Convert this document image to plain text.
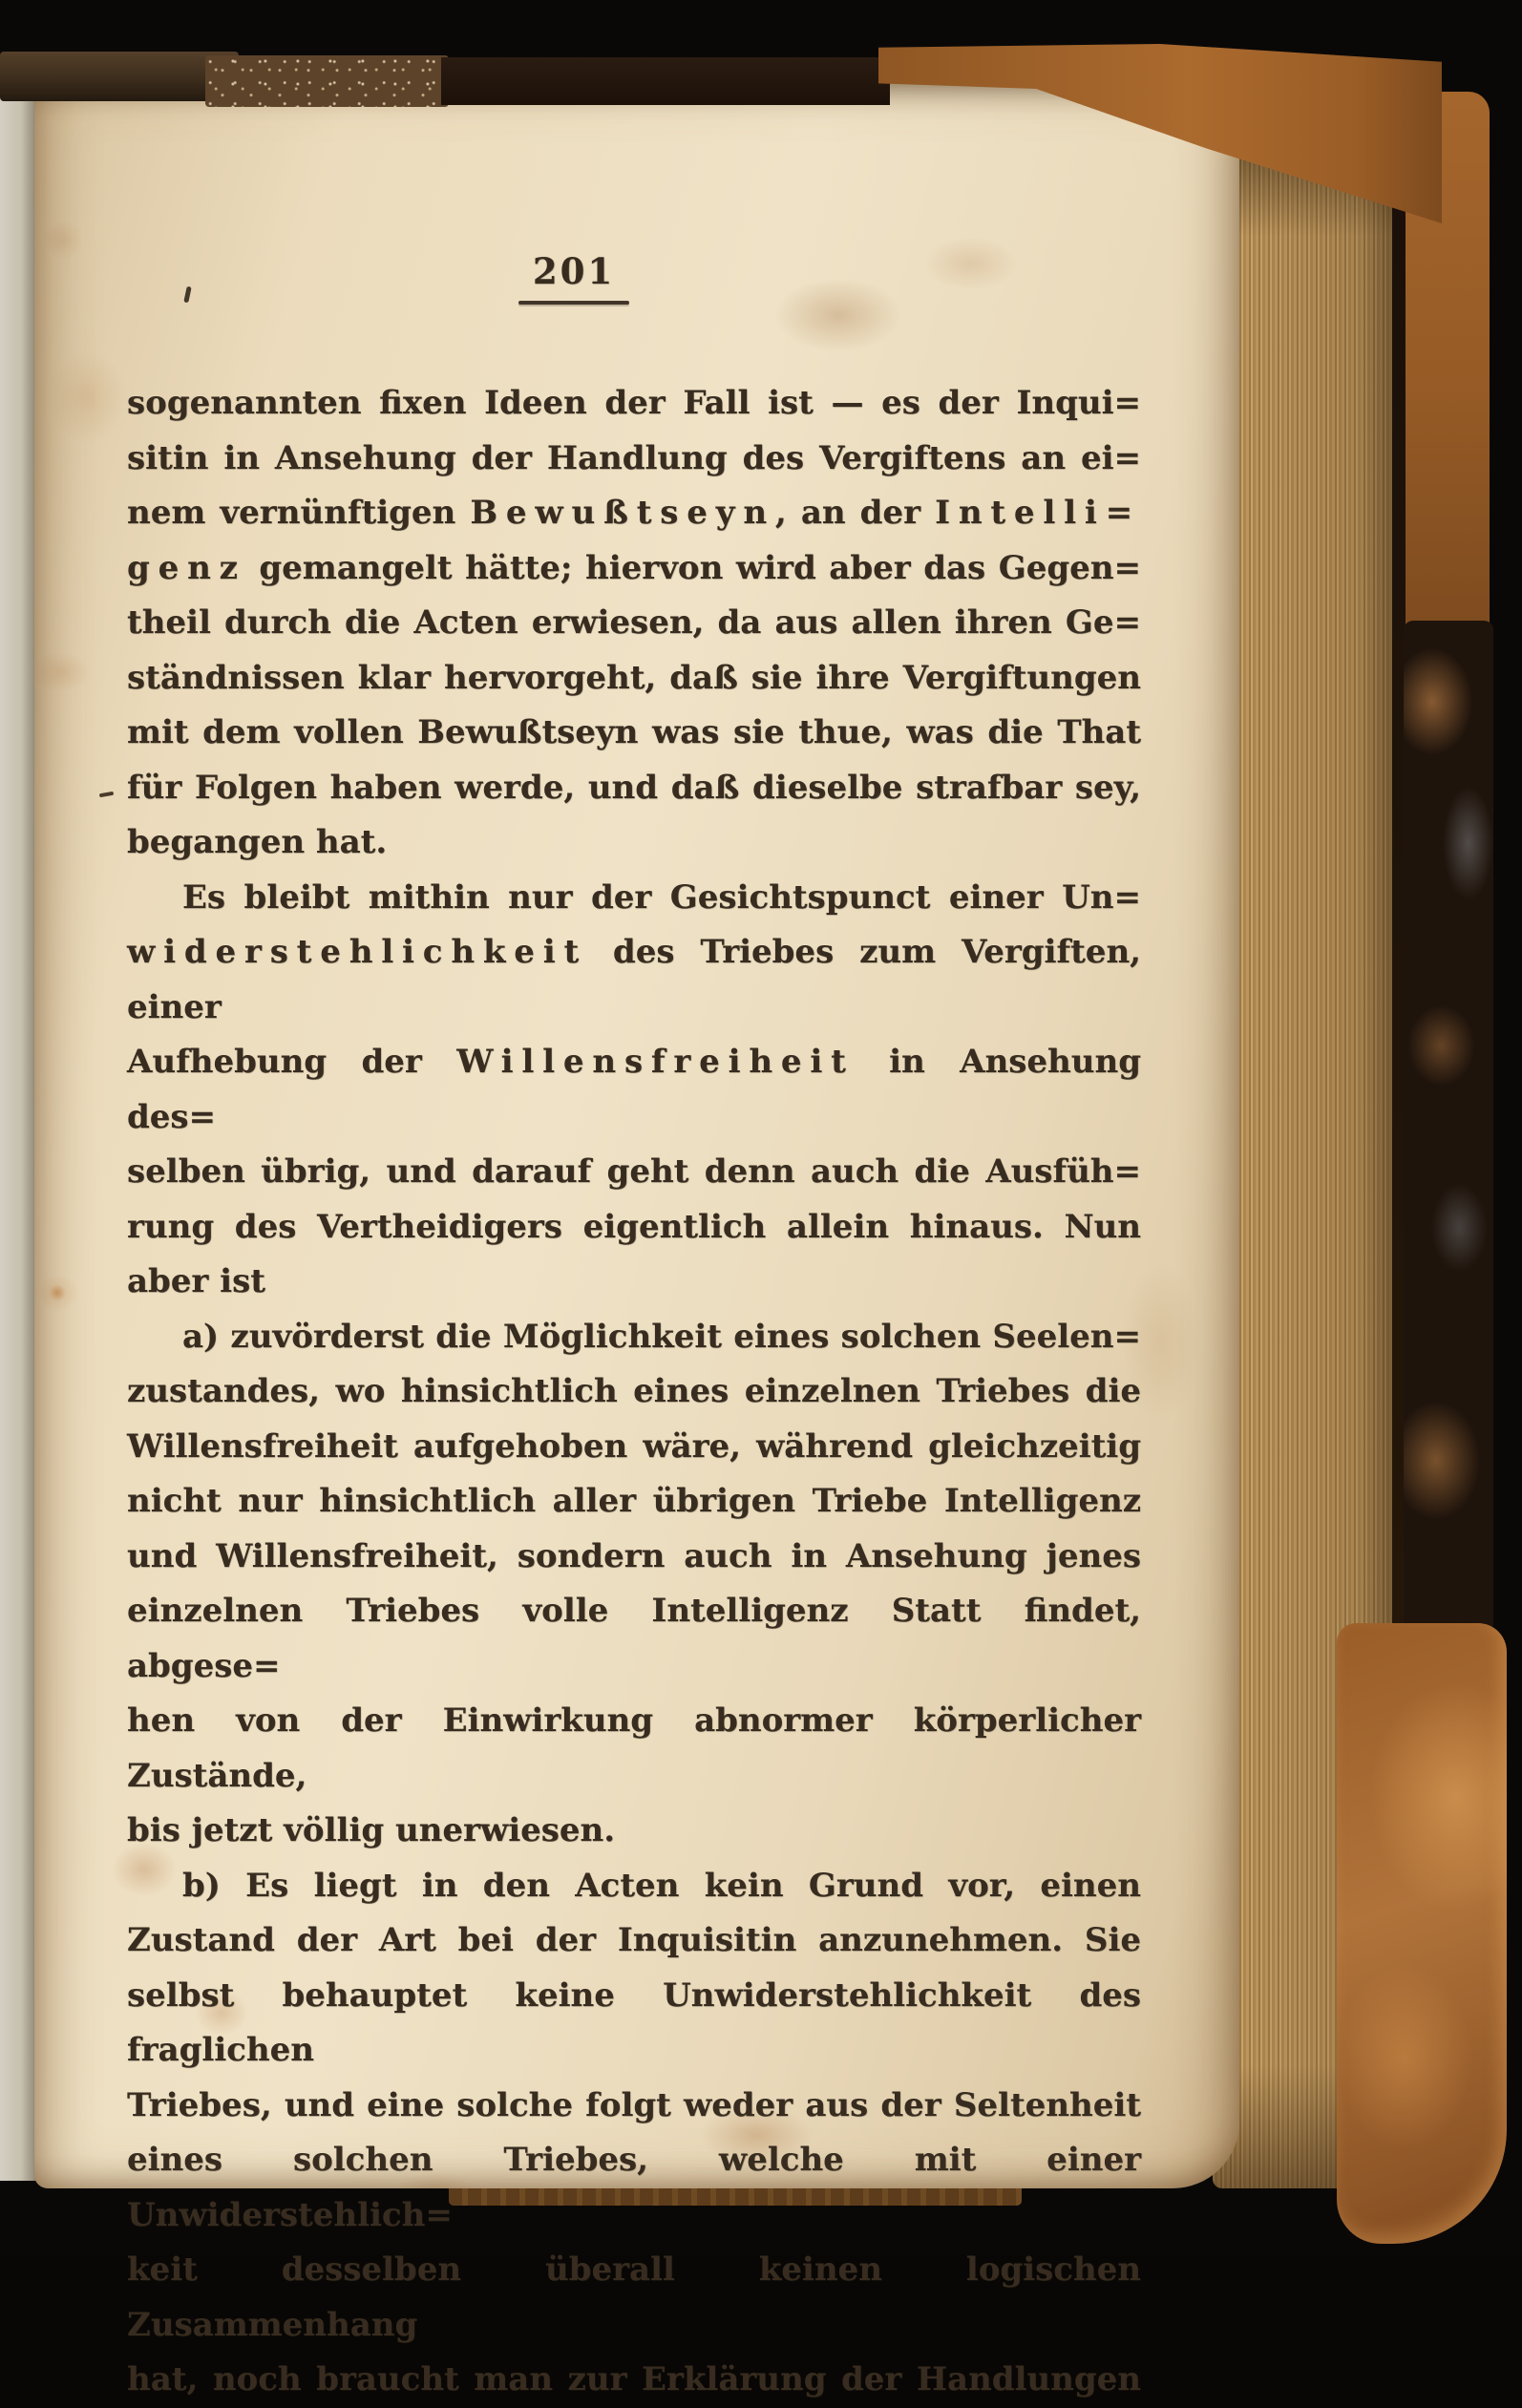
201
sogenannten fixen Ideen der Fall ist — es der Inqui=
sitin in Ansehung der Handlung des Vergiftens an ei=
nem vernünftigen Bewußtseyn, an der Intelli=
genz gemangelt hätte; hiervon wird aber das Gegen=
theil durch die Acten erwiesen, da aus allen ihren Ge=
ständnissen klar hervorgeht, daß sie ihre Vergiftungen
mit dem vollen Bewußtseyn was sie thue, was die That
für Folgen haben werde, und daß dieselbe strafbar sey,
begangen hat.
Es bleibt mithin nur der Gesichtspunct einer Un=
widerstehlichkeit des Triebes zum Vergiften, einer
Aufhebung der Willensfreiheit in Ansehung des=
selben übrig, und darauf geht denn auch die Ausfüh=
rung des Vertheidigers eigentlich allein hinaus. Nun
aber ist
a) zuvörderst die Möglichkeit eines solchen Seelen=
zustandes, wo hinsichtlich eines einzelnen Triebes die
Willensfreiheit aufgehoben wäre, während gleichzeitig
nicht nur hinsichtlich aller übrigen Triebe Intelligenz
und Willensfreiheit, sondern auch in Ansehung jenes
einzelnen Triebes volle Intelligenz Statt findet, abgese=
hen von der Einwirkung abnormer körperlicher Zustände,
bis jetzt völlig unerwiesen.
b) Es liegt in den Acten kein Grund vor, einen
Zustand der Art bei der Inquisitin anzunehmen. Sie
selbst behauptet keine Unwiderstehlichkeit des fraglichen
Triebes, und eine solche folgt weder aus der Seltenheit
eines solchen Triebes, welche mit einer Unwiderstehlich=
keit desselben überall keinen logischen Zusammenhang
hat, noch braucht man zur Erklärung der Handlungen
